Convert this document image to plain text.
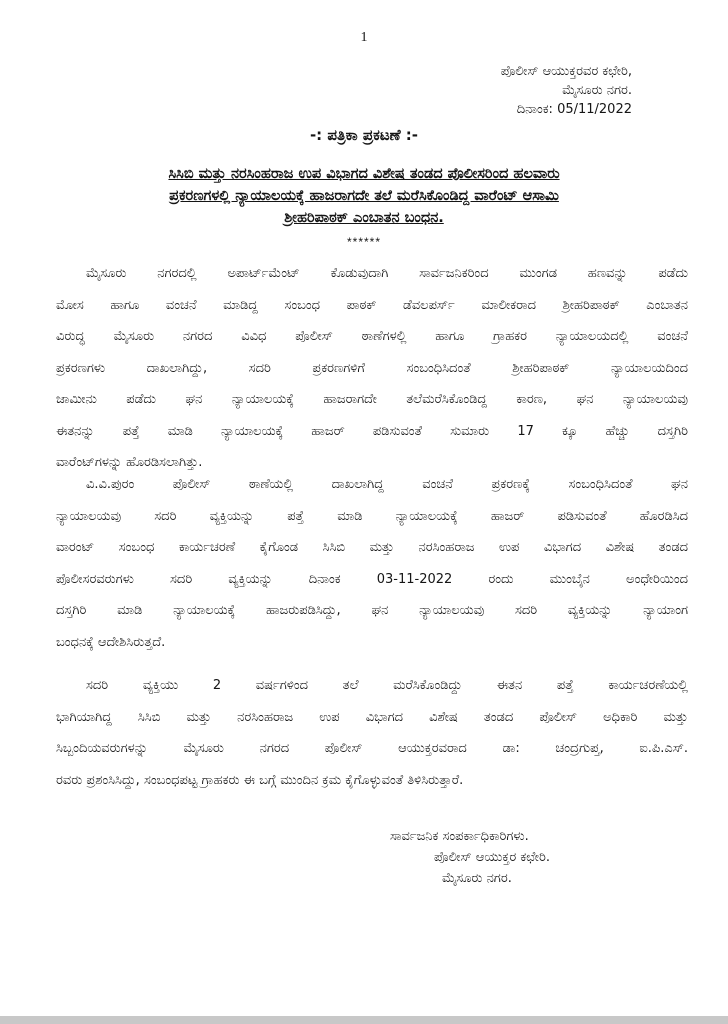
1
ಪೊಲೀಸ್ ಆಯುಕ್ತರವರ ಕಛೇರಿ,
ಮೈಸೂರು ನಗರ.
ದಿನಾಂಕ: 05/11/2022
-: ಪತ್ರಿಕಾ ಪ್ರಕಟಣೆ :-
ಸಿಸಿಬಿ ಮತ್ತು ನರಸಿಂಹರಾಜ ಉಪ ವಿಭಾಗದ ವಿಶೇಷ ತಂಡದ ಪೊಲೀಸರಿಂದ ಹಲವಾರು
ಪ್ರಕರಣಗಳಲ್ಲಿ ನ್ಯಾಯಾಲಯಕ್ಕೆ ಹಾಜರಾಗದೇ ತಲೆ ಮರೆಸಿಕೊಂಡಿದ್ದ ವಾರೆಂಟ್ ಆಸಾಮಿ
ಶ್ರೀಹರಿಪಾಠಕ್ ಎಂಬಾತನ ಬಂಧನ.
******
ಮೈಸೂರು ನಗರದಲ್ಲಿ ಅಪಾರ್ಟ್‌ಮೆಂಟ್ ಕೊಡುವುದಾಗಿ ಸಾರ್ವಜನಿಕರಿಂದ ಮುಂಗಡ ಹಣವನ್ನು ಪಡೆದು
ಮೋಸ ಹಾಗೂ ವಂಚನೆ ಮಾಡಿದ್ದ ಸಂಬಂಧ ಪಾಠಕ್ ಡೆವಲಪರ್ಸ್ ಮಾಲೀಕರಾದ ಶ್ರೀಹರಿಪಾಠಕ್ ಎಂಬಾತನ
ವಿರುದ್ಧ ಮೈಸೂರು ನಗರದ ವಿವಿಧ ಪೊಲೀಸ್ ಠಾಣೆಗಳಲ್ಲಿ ಹಾಗೂ ಗ್ರಾಹಕರ ನ್ಯಾಯಾಲಯದಲ್ಲಿ ವಂಚನೆ
ಪ್ರಕರಣಗಳು ದಾಖಲಾಗಿದ್ದು, ಸದರಿ ಪ್ರಕರಣಗಳಿಗೆ ಸಂಬಂಧಿಸಿದಂತೆ ಶ್ರೀಹರಿಪಾಠಕ್ ನ್ಯಾಯಾಲಯದಿಂದ
ಜಾಮೀನು ಪಡೆದು ಘನ ನ್ಯಾಯಾಲಯಕ್ಕೆ ಹಾಜರಾಗದೇ ತಲೆಮರೆಸಿಕೊಂಡಿದ್ದ ಕಾರಣ, ಘನ ನ್ಯಾಯಾಲಯವು
ಈತನನ್ನು ಪತ್ತೆ ಮಾಡಿ ನ್ಯಾಯಾಲಯಕ್ಕೆ ಹಾಜರ್ ಪಡಿಸುವಂತೆ ಸುಮಾರು 17 ಕ್ಕೂ ಹೆಚ್ಚು ದಸ್ತಗಿರಿ
ವಾರೆಂಟ್‌ಗಳನ್ನು ಹೊರಡಿಸಲಾಗಿತ್ತು.
ವಿ.ವಿ.ಪುರಂ ಪೊಲೀಸ್ ಠಾಣೆಯಲ್ಲಿ ದಾಖಲಾಗಿದ್ದ ವಂಚನೆ ಪ್ರಕರಣಕ್ಕೆ ಸಂಬಂಧಿಸಿದಂತೆ ಘನ
ನ್ಯಾಯಾಲಯವು ಸದರಿ ವ್ಯಕ್ತಿಯನ್ನು ಪತ್ತೆ ಮಾಡಿ ನ್ಯಾಯಾಲಯಕ್ಕೆ ಹಾಜರ್ ಪಡಿಸುವಂತೆ ಹೊರಡಿಸಿದ
ವಾರಂಟ್ ಸಂಬಂಧ ಕಾರ್ಯಚರಣೆ ಕೈಗೊಂಡ ಸಿಸಿಬಿ ಮತ್ತು ನರಸಿಂಹರಾಜ ಉಪ ವಿಭಾಗದ ವಿಶೇಷ ತಂಡದ
ಪೊಲೀಸರವರುಗಳು ಸದರಿ ವ್ಯಕ್ತಿಯನ್ನು ದಿನಾಂಕ 03-11-2022 ರಂದು ಮುಂಬೈನ ಅಂಧೇರಿಯಿಂದ
ದಸ್ತಗಿರಿ ಮಾಡಿ ನ್ಯಾಯಾಲಯಕ್ಕೆ ಹಾಜರುಪಡಿಸಿದ್ದು, ಘನ ನ್ಯಾಯಾಲಯವು ಸದರಿ ವ್ಯಕ್ತಿಯನ್ನು ನ್ಯಾಯಾಂಗ
ಬಂಧನಕ್ಕೆ ಆದೇಶಿಸಿರುತ್ತದೆ.
ಸದರಿ ವ್ಯಕ್ತಿಯು 2 ವರ್ಷಗಳಿಂದ ತಲೆ ಮರೆಸಿಕೊಂಡಿದ್ದು ಈತನ ಪತ್ತೆ ಕಾರ್ಯಚರಣೆಯಲ್ಲಿ
ಭಾಗಿಯಾಗಿದ್ದ ಸಿಸಿಬಿ ಮತ್ತು ನರಸಿಂಹರಾಜ ಉಪ ವಿಭಾಗದ ವಿಶೇಷ ತಂಡದ ಪೊಲೀಸ್ ಅಧಿಕಾರಿ ಮತ್ತು
ಸಿಬ್ಬಂದಿಯವರುಗಳನ್ನು ಮೈಸೂರು ನಗರದ ಪೊಲೀಸ್ ಆಯುಕ್ತರವರಾದ ಡಾ: ಚಂದ್ರಗುಪ್ತ, ಐ.ಪಿ.ಎಸ್.
ರವರು ಪ್ರಶಂಸಿಸಿದ್ದು, ಸಂಬಂಧಪಟ್ಟ ಗ್ರಾಹಕರು ಈ ಬಗ್ಗೆ ಮುಂದಿನ ಕ್ರಮ ಕೈಗೊಳ್ಳುವಂತೆ ತಿಳಿಸಿರುತ್ತಾರೆ.
ಸಾರ್ವಜನಿಕ ಸಂಪರ್ಕಾಧಿಕಾರಿಗಳು.
ಪೊಲೀಸ್ ಆಯುಕ್ತರ ಕಛೇರಿ.
ಮೈಸೂರು ನಗರ.
